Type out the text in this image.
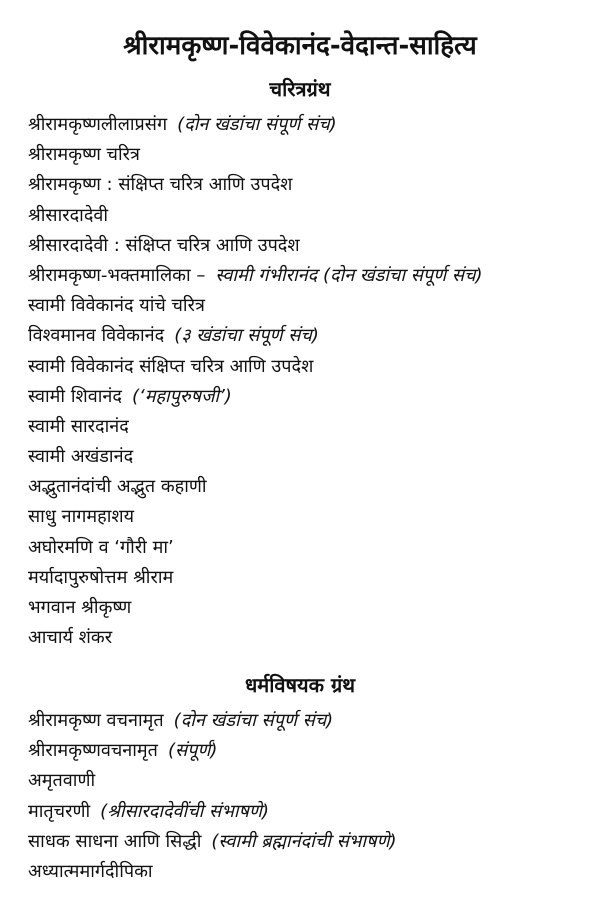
श्रीरामकृष्ण-विवेकानंद-वेदान्त-साहित्य
चरित्रग्रंथ
श्रीरामकृष्णलीलाप्रसंग (दोन खंडांचा संपूर्ण संच)
श्रीरामकृष्ण चरित्र
श्रीरामकृष्ण : संक्षिप्त चरित्र आणि उपदेश
श्रीसारदादेवी
श्रीसारदादेवी : संक्षिप्त चरित्र आणि उपदेश
श्रीरामकृष्ण-भक्तमालिका – स्वामी गंभीरानंद (दोन खंडांचा संपूर्ण संच)
स्वामी विवेकानंद यांचे चरित्र
विश्वमानव विवेकानंद (३ खंडांचा संपूर्ण संच)
स्वामी विवेकानंद संक्षिप्त चरित्र आणि उपदेश
स्वामी शिवानंद (‘महापुरुषजी’)
स्वामी सारदानंद
स्वामी अखंडानंद
अद्भुतानंदांची अद्भुत कहाणी
साधु नागमहाशय
अघोरमणि व ‘गौरी मा’
मर्यादापुरुषोत्तम श्रीराम
भगवान श्रीकृष्ण
आचार्य शंकर
धर्मविषयक ग्रंथ
श्रीरामकृष्ण वचनामृत (दोन खंडांचा संपूर्ण संच)
श्रीरामकृष्णवचनामृत (संपूर्ण)
अमृतवाणी
मातृचरणी (श्रीसारदादेवींची संभाषणे)
साधक साधना आणि सिद्धी (स्वामी ब्रह्मानंदांची संभाषणे)
अध्यात्ममार्गदीपिका
